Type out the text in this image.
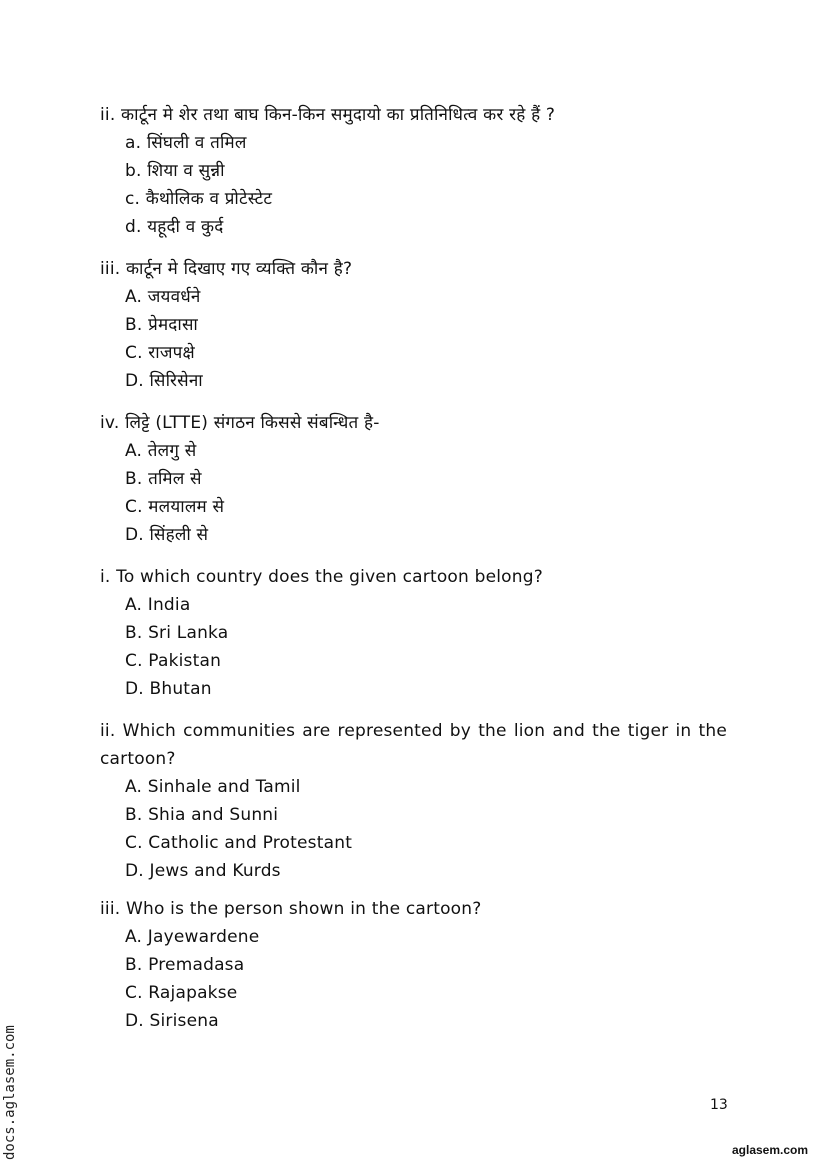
ii. कार्टून मे शेर तथा बाघ किन-किन समुदायो का प्रतिनिधित्व कर रहे हैं ?

a. सिंघली व तमिल
b. शिया व सुन्नी
c. कैथोलिक व प्रोटेस्टेट
d. यहूदी व कुर्द

iii. कार्टून मे दिखाए गए व्यक्ति कौन है?

A. जयवर्धने
B. प्रेमदासा
C. राजपक्षे
D. सिरिसेना

iv. लिट्टे (LTTE) संगठन किससे संबन्धित है-

A. तेलगु से
B. तमिल से
C. मलयालम से
D. सिंहली से

i. To which country does the given cartoon belong?

A. India
B. Sri Lanka
C. Pakistan
D. Bhutan

ii. Which communities are represented by the lion and the tiger in the cartoon?

A. Sinhale and Tamil
B. Shia and Sunni
C. Catholic and Protestant
D. Jews and Kurds

iii. Who is the person shown in the cartoon?

A. Jayewardene
B. Premadasa
C. Rajapakse
D. Sirisena
13
aglasem.com
docs.aglasem.com
